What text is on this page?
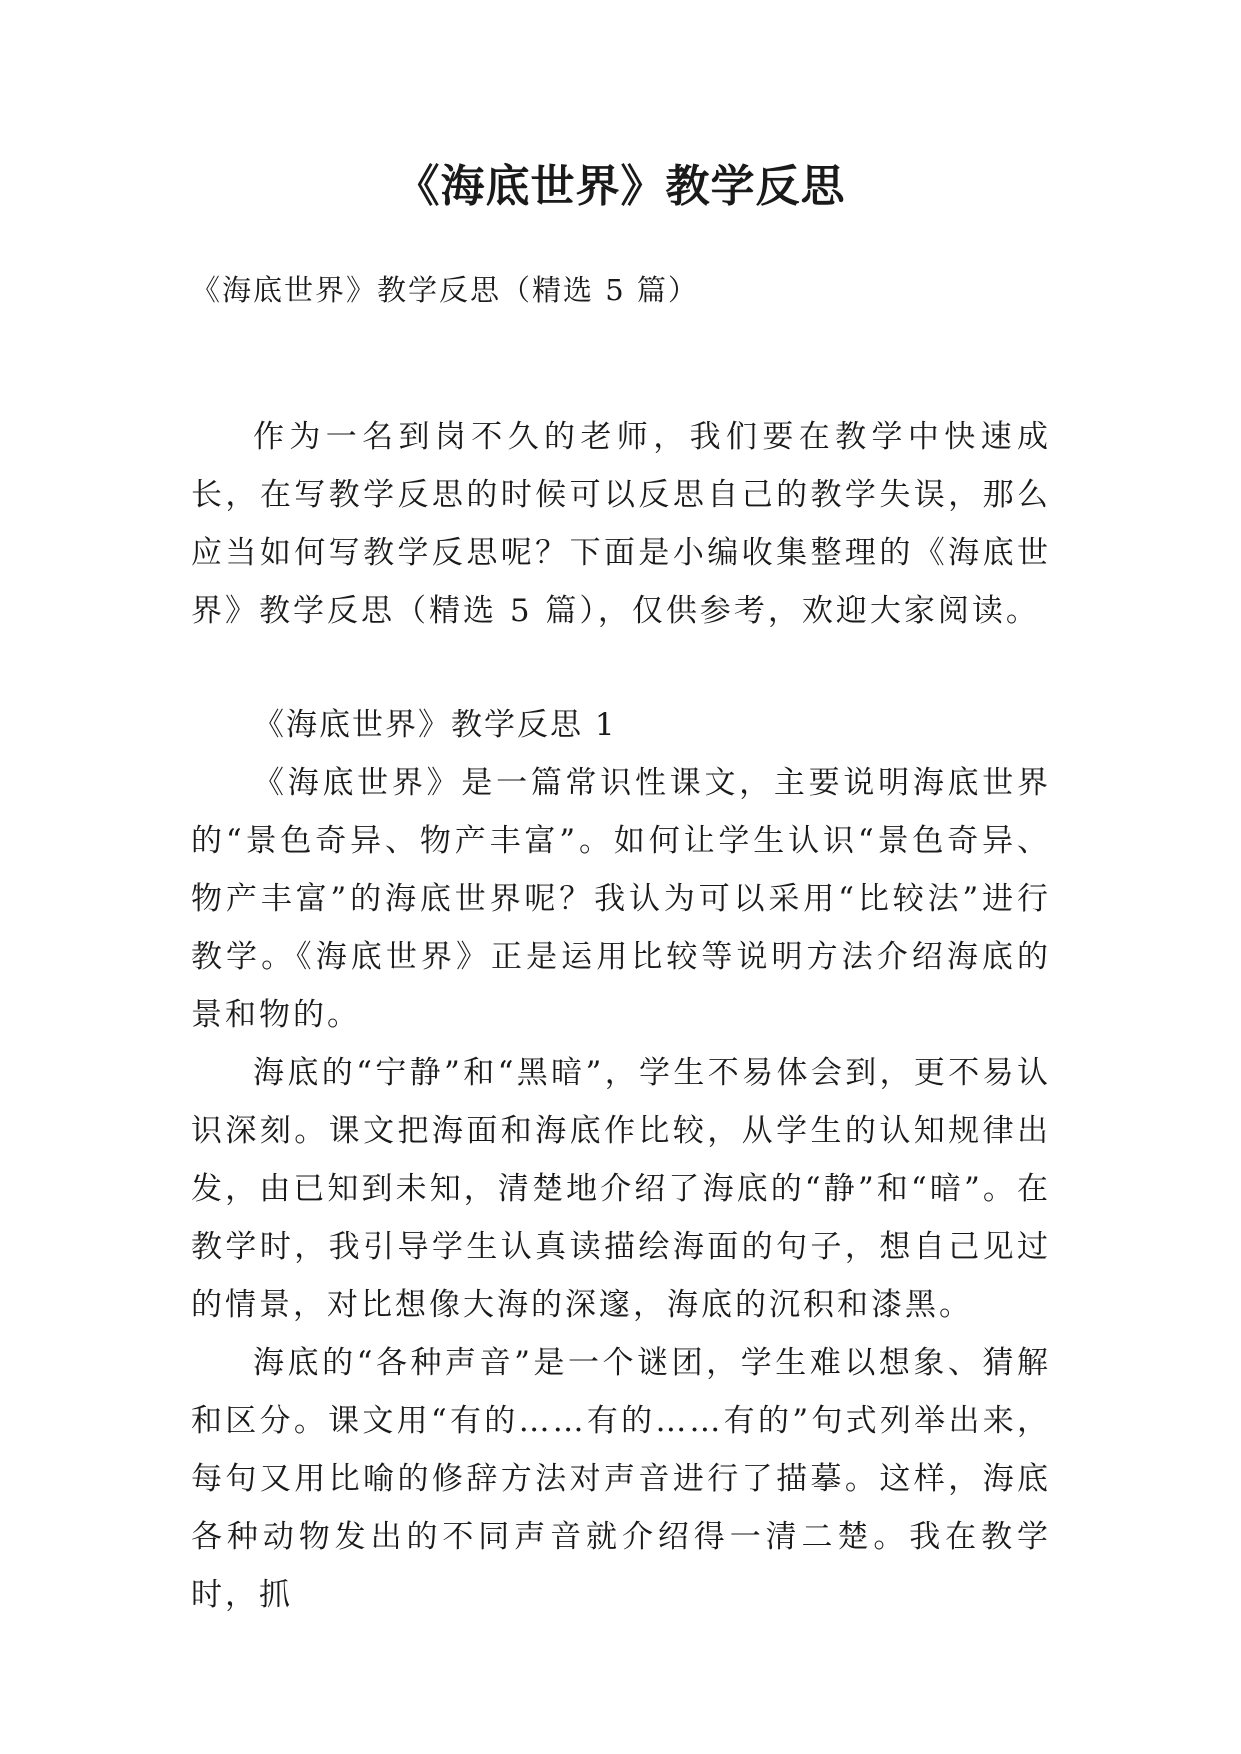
《海底世界》教学反思

《海底世界》教学反思（精选 5 篇）

作为一名到岗不久的老师，我们要在教学中快速成长，在写教学反思的时候可以反思自己的教学失误，那么应当如何写教学反思呢？下面是小编收集整理的《海底世界》教学反思（精选 5 篇），仅供参考，欢迎大家阅读。

《海底世界》教学反思 1

《海底世界》是一篇常识性课文，主要说明海底世界的“景色奇异、物产丰富”。如何让学生认识“景色奇异、物产丰富”的海底世界呢？我认为可以采用“比较法”进行教学。《海底世界》正是运用比较等说明方法介绍海底的景和物的。

海底的“宁静”和“黑暗”，学生不易体会到，更不易认识深刻。课文把海面和海底作比较，从学生的认知规律出发，由已知到未知，清楚地介绍了海底的“静”和“暗”。在教学时，我引导学生认真读描绘海面的句子，想自己见过的情景，对比想像大海的深邃，海底的沉积和漆黑。

海底的“各种声音”是一个谜团，学生难以想象、猜解和区分。课文用“有的……有的……有的”句式列举出来，每句又用比喻的修辞方法对声音进行了描摹。这样，海底各种动物发出的不同声音就介绍得一清二楚。我在教学时，抓
